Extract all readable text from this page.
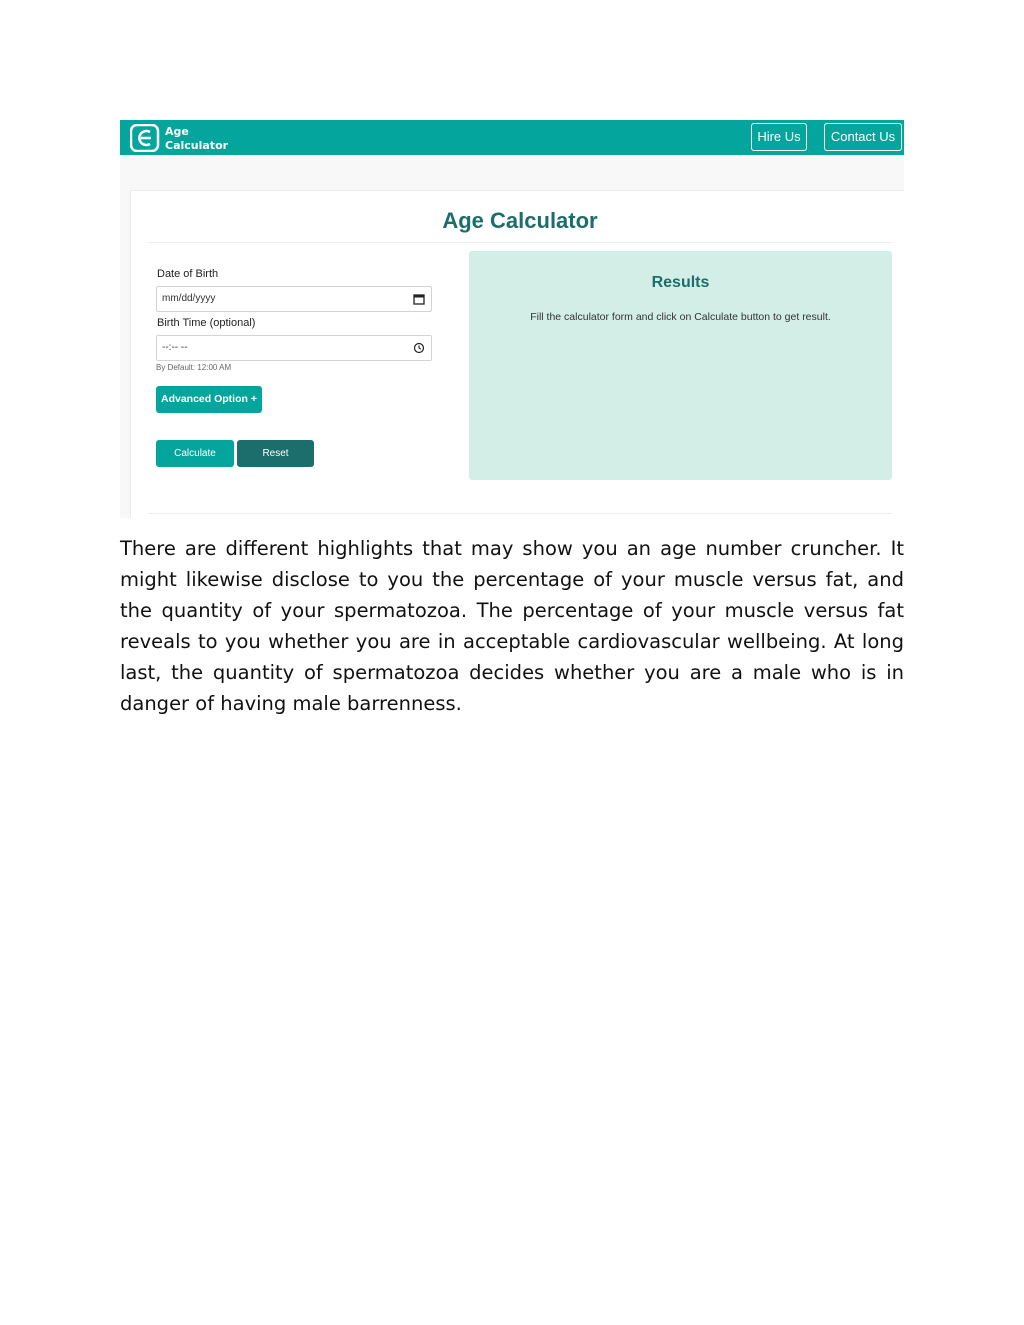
Age
Calculator
Hire Us	Contact Us
Age Calculator
Date of Birth
mm/dd/yyyy
Birth Time (optional)
--:-- --
By Default: 12:00 AM
Advanced Option +
Calculate	Reset
Results
Fill the calculator form and click on Calculate button to get result.

There are different highlights that may show you an age number cruncher. It might likewise disclose to you the percentage of your muscle versus fat, and the quantity of your spermatozoa. The percentage of your muscle versus fat reveals to you whether you are in acceptable cardiovascular wellbeing. At long last, the quantity of spermatozoa decides whether you are a male who is in danger of having male barrenness.
